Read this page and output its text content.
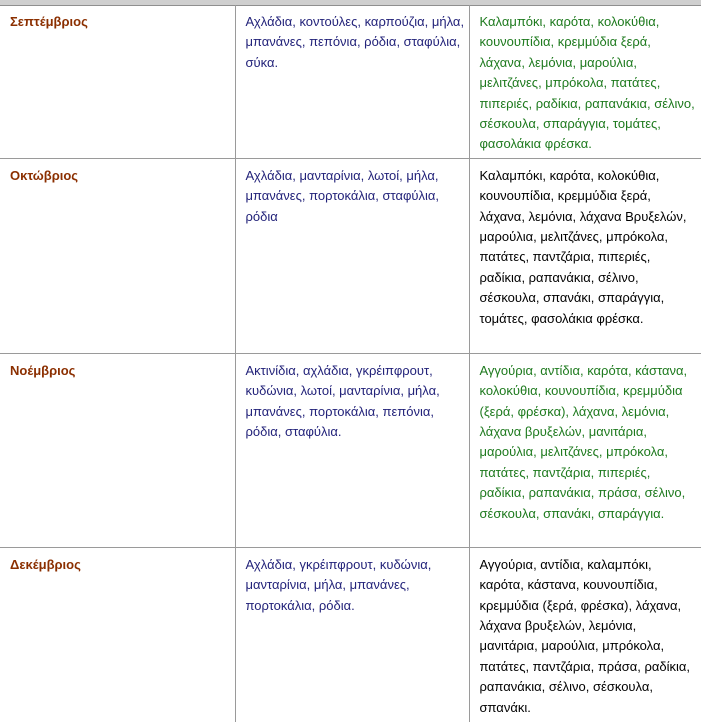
Σεπτέμβριος	Αχλάδια, κοντούλες, καρπούζια, μήλα, μπανάνες, πεπόνια, ρόδια, σταφύλια, σύκα.	Καλαμπόκι, καρότα, κολοκύθια, κουνουπίδια, κρεμμύδια ξερά, λάχανα, λεμόνια, μαρούλια, μελιτζάνες, μπρόκολα, πατάτες, πιπεριές, ραδίκια, ραπανάκια, σέλινο, σέσκουλα, σπαράγγια, τομάτες, φασολάκια φρέσκα.
Οκτώβριος	Αχλάδια, μανταρίνια, λωτοί, μήλα, μπανάνες, πορτοκάλια, σταφύλια, ρόδια	Καλαμπόκι, καρότα, κολοκύθια, κουνουπίδια, κρεμμύδια ξερά, λάχανα, λεμόνια, λάχανα Βρυξελών, μαρούλια, μελιτζάνες, μπρόκολα, πατάτες, παντζάρια, πιπεριές, ραδίκια, ραπανάκια, σέλινο, σέσκουλα, σπανάκι, σπαράγγια, τομάτες, φασολάκια φρέσκα.
Νοέμβριος	Ακτινίδια, αχλάδια, γκρέιπφρουτ, κυδώνια, λωτοί, μανταρίνια, μήλα, μπανάνες, πορτοκάλια, πεπόνια, ρόδια, σταφύλια.	Αγγούρια, αντίδια, καρότα, κάστανα, κολοκύθια, κουνουπίδια, κρεμμύδια (ξερά, φρέσκα), λάχανα, λεμόνια, λάχανα βρυξελών, μανιτάρια, μαρούλια, μελιτζάνες, μπρόκολα, πατάτες, παντζάρια, πιπεριές, ραδίκια, ραπανάκια, πράσα, σέλινο, σέσκουλα, σπανάκι, σπαράγγια.
Δεκέμβριος	Αχλάδια, γκρέιπφρουτ, κυδώνια, μανταρίνια, μήλα, μπανάνες, πορτοκάλια, ρόδια.	Αγγούρια, αντίδια, καλαμπόκι, καρότα, κάστανα, κουνουπίδια, κρεμμύδια (ξερά, φρέσκα), λάχανα, λάχανα βρυξελών, λεμόνια, μανιτάρια, μαρούλια, μπρόκολα, πατάτες, παντζάρια, πράσα, ραδίκια, ραπανάκια, σέλινο, σέσκουλα, σπανάκι.
